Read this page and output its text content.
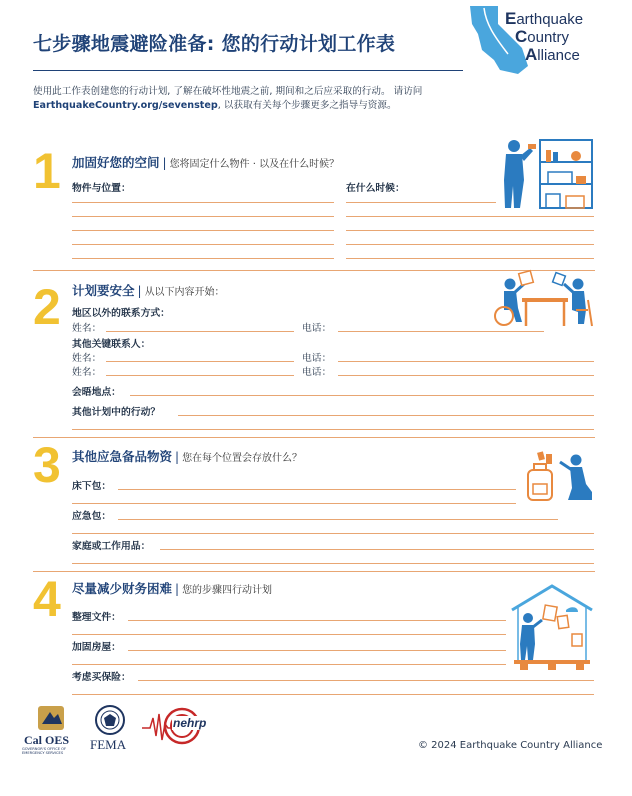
七步骤地震避险准备: 您的行动计划工作表
Earthquake
Country
Alliance
使用此工作表创建您的行动计划, 了解在破坏性地震之前, 期间和之后应采取的行动。 请访问
EarthquakeCountry.org/sevenstep, 以获取有关每个步骤更多之指导与资源。
1 加固好您的空间 | 您将固定什么物件 · 以及在什么时候？
物件与位置：	在什么时候：
2 计划要安全 | 从以下内容开始：
地区以外的联系方式：
姓名：	电话：
其他关键联系人：
姓名：	电话：
姓名：	电话：
会晤地点：
其他计划中的行动？
3 其他应急备品物资 | 您在每个位置会存放什么？
床下包：
应急包：
家庭或工作用品：
4 尽量减少财务困难 | 您的步骤四行动计划
整理文件：
加固房屋：
考虑买保险：
Cal OES
GOVERNOR'S OFFICE OF EMERGENCY SERVICES
FEMA
nehrp
© 2024 Earthquake Country Alliance
